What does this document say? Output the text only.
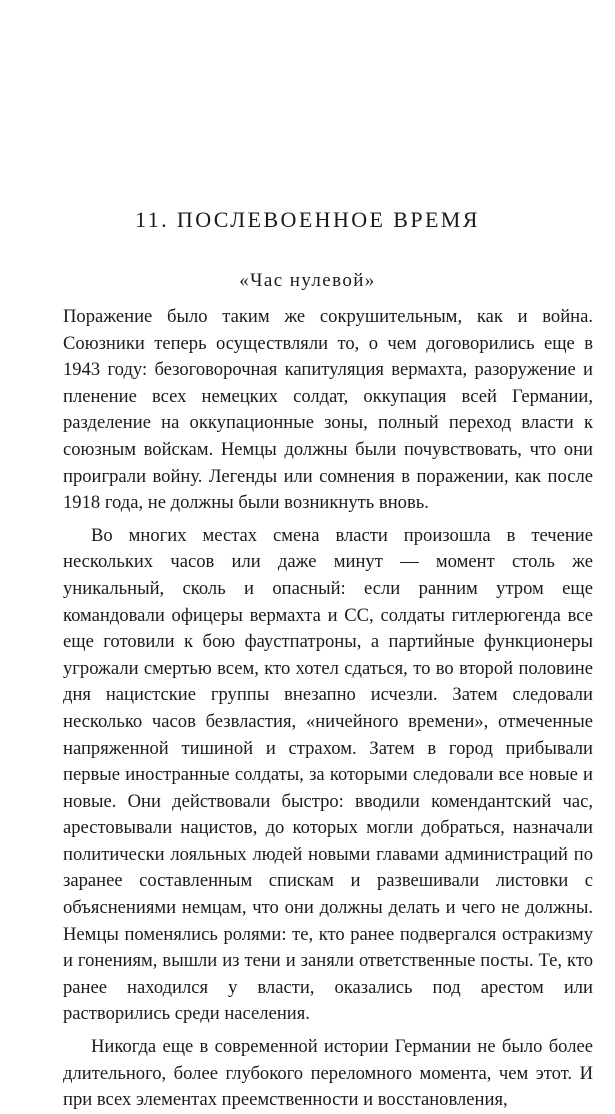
11. ПОСЛЕВОЕННОЕ ВРЕМЯ
«Час нулевой»

Поражение было таким же сокрушительным, как и война. Союзники теперь осуществляли то, о чем договорились еще в 1943 году: безоговорочная капитуляция вермахта, разоружение и пленение всех немецких солдат, оккупация всей Германии, разделение на оккупационные зоны, полный переход власти к союзным войскам. Немцы должны были почувствовать, что они проиграли войну. Легенды или сомнения в поражении, как после 1918 года, не должны были возникнуть вновь.

Во многих местах смена власти произошла в течение нескольких часов или даже минут — момент столь же уникальный, сколь и опасный: если ранним утром еще командовали офицеры вермахта и СС, солдаты гитлерюгенда все еще готовили к бою фаустпатроны, а партийные функционеры угрожали смертью всем, кто хотел сдаться, то во второй половине дня нацистские группы внезапно исчезли. Затем следовали несколько часов безвластия, «ничейного времени», отмеченные напряженной тишиной и страхом. Затем в город прибывали первые иностранные солдаты, за которыми следовали все новые и новые. Они действовали быстро: вводили комендантский час, арестовывали нацистов, до которых могли добраться, назначали политически лояльных людей новыми главами администраций по заранее составленным спискам и развешивали листовки с объяснениями немцам, что они должны делать и чего не должны. Немцы поменялись ролями: те, кто ранее подвергался остракизму и гонениям, вышли из тени и заняли ответственные посты. Те, кто ранее находился у власти, оказались под арестом или растворились среди населения.

Никогда еще в современной истории Германии не было более длительного, более глубокого переломного момента, чем этот. И при всех элементах преемственности и восстановления,
